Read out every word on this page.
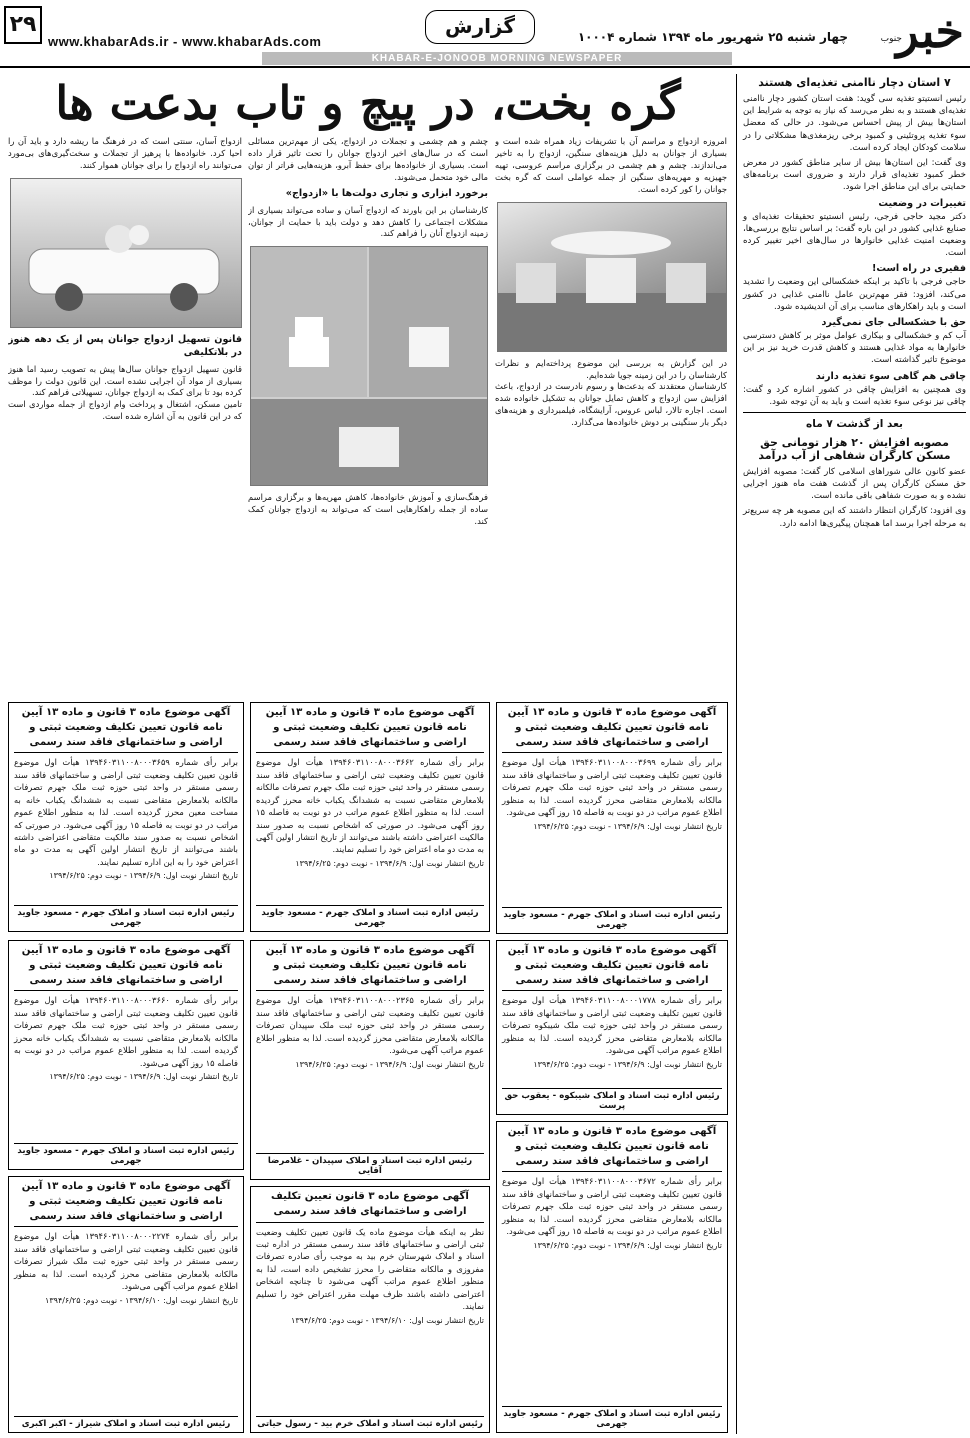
۲۹
www.khabarAds.ir - www.khabarAds.com
گزارش	چهار شنبه ۲۵ شهریور ماه ۱۳۹۴ شماره ۱۰۰۰۴	خبر
جنوب
KHABAR-E-JONOOB MORNING NEWSPAPER
۷ استان دچار ناامنی تغذیه‌ای هستند

رئیس انستیتو تغذیه سی گوید: هفت استان کشور دچار ناامنی تغذیه‌ای هستند و به نظر می‌رسد که نیاز به توجه به شرایط این استان‌ها بیش از پیش احساس می‌شود. در حالی که معضل سوء تغذیه پروتئینی و کمبود برخی ریزمغذی‌ها مشکلاتی را در سلامت کودکان ایجاد کرده است.

وی گفت: این استان‌ها بیش از سایر مناطق کشور در معرض خطر کمبود تغذیه‌ای قرار دارند و ضروری است برنامه‌های حمایتی برای این مناطق اجرا شود.

تغییرات در وضعیت

دکتر مجید حاجی فرجی، رئیس انستیتو تحقیقات تغذیه‌ای و صنایع غذایی کشور در این باره گفت: بر اساس نتایج بررسی‌ها، وضعیت امنیت غذایی خانوارها در سال‌های اخیر تغییر کرده است.

فقیری در راه است!

حاجی فرجی با تاکید بر اینکه خشکسالی این وضعیت را تشدید می‌کند، افزود: فقر مهم‌ترین عامل ناامنی غذایی در کشور است و باید راهکارهای مناسب برای آن اندیشیده شود.

حق با خشکسالی جای نمی‌گیرد

آب کم و خشکسالی و بیکاری عوامل موثر بر کاهش دسترسی خانوارها به مواد غذایی هستند و کاهش قدرت خرید نیز بر این موضوع تاثیر گذاشته است.

چاقی هم گاهی سوء تغذیه دارند

وی همچنین به افزایش چاقی در کشور اشاره کرد و گفت: چاقی نیز نوعی سوء تغذیه است و باید به آن توجه شود.

بعد از گذشت ۷ ماه
مصوبه افزایش ۲۰ هزار تومانی حق مسکن کارگران شفاهی از آب درآمد

عضو کانون عالی شوراهای اسلامی کار گفت: مصوبه افزایش حق مسکن کارگران پس از گذشت هفت ماه هنوز اجرایی نشده و به صورت شفاهی باقی مانده است.

وی افزود: کارگران انتظار داشتند که این مصوبه هر چه سریع‌تر به مرحله اجرا برسد اما همچنان پیگیری‌ها ادامه دارد.

گره بخت، در پیچ و تاب بدعت ها

امروزه ازدواج و مراسم آن با تشریفات زیاد همراه شده است و بسیاری از جوانان به دلیل هزینه‌های سنگین، ازدواج را به تاخیر می‌اندازند. چشم و هم چشمی در برگزاری مراسم عروسی، تهیه جهیزیه و مهریه‌های سنگین از جمله عواملی است که گره بخت جوانان را کور کرده است.

در این گزارش به بررسی این موضوع پرداخته‌ایم و نظرات کارشناسان را در این زمینه جویا شده‌ایم.

کارشناسان معتقدند که بدعت‌ها و رسوم نادرست در ازدواج، باعث افزایش سن ازدواج و کاهش تمایل جوانان به تشکیل خانواده شده است. اجاره تالار، لباس عروس، آرایشگاه، فیلمبرداری و هزینه‌های دیگر بار سنگینی بر دوش خانواده‌ها می‌گذارد.

چشم و هم چشمی و تجملات در ازدواج، یکی از مهم‌ترین مسائلی است که در سال‌های اخیر ازدواج جوانان را تحت تاثیر قرار داده است. بسیاری از خانواده‌ها برای حفظ آبرو، هزینه‌هایی فراتر از توان مالی خود متحمل می‌شوند.

برخورد ابزاری و تجاری دولت‌ها با «ازدواج»

کارشناسان بر این باورند که ازدواج آسان و ساده می‌تواند بسیاری از مشکلات اجتماعی را کاهش دهد و دولت باید با حمایت از جوانان، زمینه ازدواج آنان را فراهم کند.

فرهنگ‌سازی و آموزش خانواده‌ها، کاهش مهریه‌ها و برگزاری مراسم ساده از جمله راهکارهایی است که می‌تواند به ازدواج جوانان کمک کند.

ازدواج آسان، سنتی است که در فرهنگ ما ریشه دارد و باید آن را احیا کرد. خانواده‌ها با پرهیز از تجملات و سخت‌گیری‌های بی‌مورد می‌توانند راه ازدواج را برای جوانان هموار کنند.

قانون تسهیل ازدواج جوانان پس از یک دهه هنوز در بلاتکلیفی

قانون تسهیل ازدواج جوانان سال‌ها پیش به تصویب رسید اما هنوز بسیاری از مواد آن اجرایی نشده است. این قانون دولت را موظف کرده بود تا برای کمک به ازدواج جوانان، تسهیلاتی فراهم کند.

تامین مسکن، اشتغال و پرداخت وام ازدواج از جمله مواردی است که در این قانون به آن اشاره شده است.

آگهی موضوع ماده ۳ قانون و ماده ۱۳ آیین نامه قانون تعیین تکلیف وضعیت ثبتی و اراضی و ساختمانهای فاقد سند رسمی
برابر رأی شماره ۱۳۹۴۶۰۳۱۱۰۰۸۰۰۰۳۶۵۹ هیأت اول موضوع قانون تعیین تکلیف وضعیت ثبتی اراضی و ساختمانهای فاقد سند رسمی مستقر در واحد ثبتی حوزه ثبت ملک جهرم تصرفات مالکانه بلامعارض متقاضی نسبت به ششدانگ یکباب خانه به مساحت معین محرز گردیده است. لذا به منظور اطلاع عموم مراتب در دو نوبت به فاصله ۱۵ روز آگهی می‌شود. در صورتی که اشخاص نسبت به صدور سند مالکیت متقاضی اعتراضی داشته باشند می‌توانند از تاریخ انتشار اولین آگهی به مدت دو ماه اعتراض خود را به این اداره تسلیم نمایند.
تاریخ انتشار نوبت اول: ۱۳۹۴/۶/۹ - نوبت دوم: ۱۳۹۴/۶/۲۵
رئیس اداره ثبت اسناد و املاک جهرم - مسعود جاوید جهرمی
آگهی موضوع ماده ۳ قانون و ماده ۱۳ آیین نامه قانون تعیین تکلیف وضعیت ثبتی و اراضی و ساختمانهای فاقد سند رسمی
برابر رأی شماره ۱۳۹۴۶۰۳۱۱۰۰۸۰۰۰۳۶۶۲ هیأت اول موضوع قانون تعیین تکلیف وضعیت ثبتی اراضی و ساختمانهای فاقد سند رسمی مستقر در واحد ثبتی حوزه ثبت ملک جهرم تصرفات مالکانه بلامعارض متقاضی نسبت به ششدانگ یکباب خانه محرز گردیده است. لذا به منظور اطلاع عموم مراتب در دو نوبت به فاصله ۱۵ روز آگهی می‌شود. در صورتی که اشخاص نسبت به صدور سند مالکیت اعتراضی داشته باشند می‌توانند از تاریخ انتشار اولین آگهی به مدت دو ماه اعتراض خود را تسلیم نمایند.
تاریخ انتشار نوبت اول: ۱۳۹۴/۶/۹ - نوبت دوم: ۱۳۹۴/۶/۲۵
رئیس اداره ثبت اسناد و املاک جهرم - مسعود جاوید جهرمی
آگهی موضوع ماده ۳ قانون و ماده ۱۳ آیین نامه قانون تعیین تکلیف وضعیت ثبتی و اراضی و ساختمانهای فاقد سند رسمی
برابر رأی شماره ۱۳۹۴۶۰۳۱۱۰۰۸۰۰۰۳۶۶۰ هیأت اول موضوع قانون تعیین تکلیف وضعیت ثبتی اراضی و ساختمانهای فاقد سند رسمی مستقر در واحد ثبتی حوزه ثبت ملک جهرم تصرفات مالکانه بلامعارض متقاضی نسبت به ششدانگ یکباب خانه محرز گردیده است. لذا به منظور اطلاع عموم مراتب در دو نوبت به فاصله ۱۵ روز آگهی می‌شود.
تاریخ انتشار نوبت اول: ۱۳۹۴/۶/۹ - نوبت دوم: ۱۳۹۴/۶/۲۵
رئیس اداره ثبت اسناد و املاک جهرم - مسعود جاوید جهرمی
آگهی موضوع ماده ۳ قانون و ماده ۱۳ آیین نامه قانون تعیین تکلیف وضعیت ثبتی و اراضی و ساختمانهای فاقد سند رسمی
برابر رأی شماره ۱۳۹۴۶۰۳۱۱۰۰۸۰۰۰۱۷۷۸ هیأت اول موضوع قانون تعیین تکلیف وضعیت ثبتی اراضی و ساختمانهای فاقد سند رسمی مستقر در واحد ثبتی حوزه ثبت ملک شیبکوه تصرفات مالکانه بلامعارض متقاضی محرز گردیده است. لذا به منظور اطلاع عموم مراتب آگهی می‌شود.
تاریخ انتشار نوبت اول: ۱۳۹۴/۶/۹ - نوبت دوم: ۱۳۹۴/۶/۲۵
رئیس اداره ثبت اسناد و املاک شیبکوه - یعقوب حق پرست
آگهی موضوع ماده ۳ قانون و ماده ۱۳ آیین نامه قانون تعیین تکلیف وضعیت ثبتی و اراضی و ساختمانهای فاقد سند رسمی
برابر رأی شماره ۱۳۹۴۶۰۳۱۱۰۰۸۰۰۰۳۶۷۲ هیأت اول موضوع قانون تعیین تکلیف وضعیت ثبتی اراضی و ساختمانهای فاقد سند رسمی مستقر در واحد ثبتی حوزه ثبت ملک جهرم تصرفات مالکانه بلامعارض متقاضی محرز گردیده است. لذا به منظور اطلاع عموم مراتب در دو نوبت به فاصله ۱۵ روز آگهی می‌شود.
تاریخ انتشار نوبت اول: ۱۳۹۴/۶/۹ - نوبت دوم: ۱۳۹۴/۶/۲۵
رئیس اداره ثبت اسناد و املاک جهرم - مسعود جاوید جهرمی
آگهی موضوع ماده ۳ قانون و ماده ۱۳ آیین نامه قانون تعیین تکلیف وضعیت ثبتی و اراضی و ساختمانهای فاقد سند رسمی
برابر رأی شماره ۱۳۹۴۶۰۳۱۱۰۰۸۰۰۰۲۳۶۵ هیأت اول موضوع قانون تعیین تکلیف وضعیت ثبتی اراضی و ساختمانهای فاقد سند رسمی مستقر در واحد ثبتی حوزه ثبت ملک سپیدان تصرفات مالکانه بلامعارض متقاضی محرز گردیده است. لذا به منظور اطلاع عموم مراتب آگهی می‌شود.
تاریخ انتشار نوبت اول: ۱۳۹۴/۶/۹ - نوبت دوم: ۱۳۹۴/۶/۲۵
رئیس اداره ثبت اسناد و املاک سپیدان - غلامرضا آقایی
آگهی موضوع ماده ۳ قانون و ماده ۱۳ آیین نامه قانون تعیین تکلیف وضعیت ثبتی و اراضی و ساختمانهای فاقد سند رسمی
برابر رأی شماره ۱۳۹۴۶۰۳۱۱۰۰۸۰۰۰۳۶۹۹ هیأت اول موضوع قانون تعیین تکلیف وضعیت ثبتی اراضی و ساختمانهای فاقد سند رسمی مستقر در واحد ثبتی حوزه ثبت ملک جهرم تصرفات مالکانه بلامعارض متقاضی محرز گردیده است. لذا به منظور اطلاع عموم مراتب در دو نوبت به فاصله ۱۵ روز آگهی می‌شود.
تاریخ انتشار نوبت اول: ۱۳۹۴/۶/۹ - نوبت دوم: ۱۳۹۴/۶/۲۵
رئیس اداره ثبت اسناد و املاک جهرم - مسعود جاوید جهرمی
آگهی موضوع ماده ۳ قانون تعیین تکلیف اراضی و ساختمانهای فاقد سند رسمی
نظر به اینکه هیأت موضوع ماده یک قانون تعیین تکلیف وضعیت ثبتی اراضی و ساختمانهای فاقد سند رسمی مستقر در اداره ثبت اسناد و املاک شهرستان خرم بید به موجب رأی صادره تصرفات مفروزی و مالکانه متقاضی را محرز تشخیص داده است، لذا به منظور اطلاع عموم مراتب آگهی می‌شود تا چنانچه اشخاص اعتراضی داشته باشند ظرف مهلت مقرر اعتراض خود را تسلیم نمایند.
تاریخ انتشار نوبت اول: ۱۳۹۴/۶/۱۰ - نوبت دوم: ۱۳۹۴/۶/۲۵
رئیس اداره ثبت اسناد و املاک خرم بید - رسول حیاتی
آگهی موضوع ماده ۳ قانون و ماده ۱۳ آیین نامه قانون تعیین تکلیف وضعیت ثبتی و اراضی و ساختمانهای فاقد سند رسمی
برابر رأی شماره ۱۳۹۴۶۰۳۱۱۰۰۸۰۰۰۲۲۷۴ هیأت اول موضوع قانون تعیین تکلیف وضعیت ثبتی اراضی و ساختمانهای فاقد سند رسمی مستقر در واحد ثبتی حوزه ثبت ملک شیراز تصرفات مالکانه بلامعارض متقاضی محرز گردیده است. لذا به منظور اطلاع عموم مراتب آگهی می‌شود.
تاریخ انتشار نوبت اول: ۱۳۹۴/۶/۱۰ - نوبت دوم: ۱۳۹۴/۶/۲۵
رئیس اداره ثبت اسناد و املاک شیراز - اکبر اکبری
